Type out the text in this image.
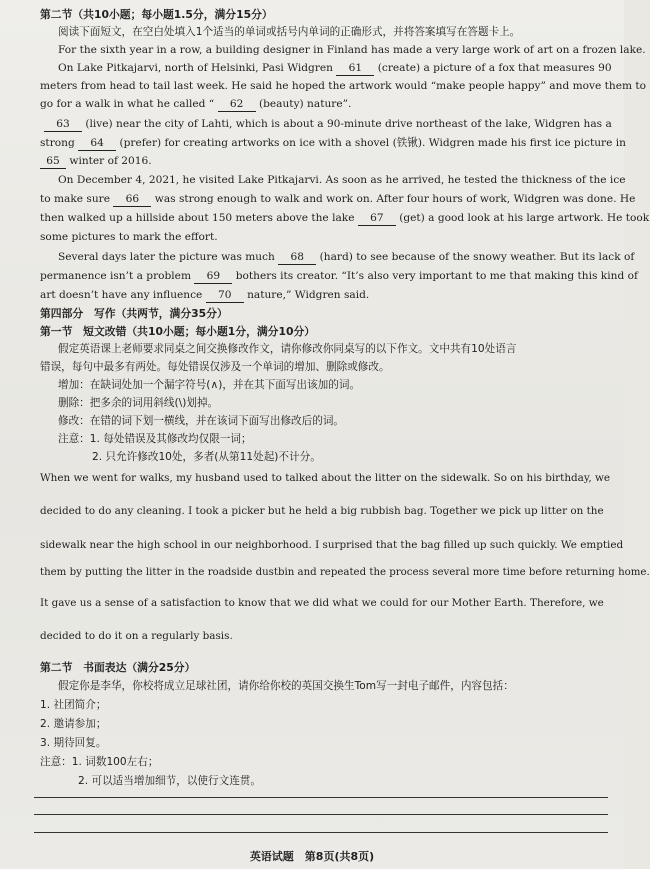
第二节（共10小题；每小题1.5分，满分15分）
阅读下面短文，在空白处填入1个适当的单词或括号内单词的正确形式，并将答案填写在答题卡上。
For the sixth year in a row, a building designer in Finland has made a very large work of art on a frozen lake.
On Lake Pitkajarvi, north of Helsinki, Pasi Widgren 61 (create) a picture of a fox that measures 90
meters from head to tail last week. He said he hoped the artwork would “make people happy” and move them to
go for a walk in what he called “ 62 (beauty) nature”.
63 (live) near the city of Lahti, which is about a 90-minute drive northeast of the lake, Widgren has a
strong 64 (prefer) for creating artworks on ice with a shovel (铁锹). Widgren made his first ice picture in
65 winter of 2016.
On December 4, 2021, he visited Lake Pitkajarvi. As soon as he arrived, he tested the thickness of the ice
to make sure 66 was strong enough to walk and work on. After four hours of work, Widgren was done. He
then walked up a hillside about 150 meters above the lake 67 (get) a good look at his large artwork. He took
some pictures to mark the effort.
Several days later the picture was much 68 (hard) to see because of the snowy weather. But its lack of
permanence isn’t a problem 69 bothers its creator. “It’s also very important to me that making this kind of
art doesn’t have any influence 70 nature,” Widgren said.
第四部分　写作（共两节，满分35分）
第一节　短文改错（共10小题；每小题1分，满分10分）
假定英语课上老师要求同桌之间交换修改作文，请你修改你同桌写的以下作文。文中共有10处语言
错误，每句中最多有两处。每处错误仅涉及一个单词的增加、删除或修改。
增加：在缺词处加一个漏字符号(∧)，并在其下面写出该加的词。
删除：把多余的词用斜线(\)划掉。
修改：在错的词下划一横线，并在该词下面写出修改后的词。
注意：1. 每处错误及其修改均仅限一词；
2. 只允许修改10处，多者(从第11处起)不计分。
When we went for walks, my husband used to talked about the litter on the sidewalk. So on his birthday, we
decided to do any cleaning. I took a picker but he held a big rubbish bag. Together we pick up litter on the
sidewalk near the high school in our neighborhood. I surprised that the bag filled up such quickly. We emptied
them by putting the litter in the roadside dustbin and repeated the process several more time before returning home.
It gave us a sense of a satisfaction to know that we did what we could for our Mother Earth. Therefore, we
decided to do it on a regularly basis.
第二节　书面表达（满分25分）
假定你是李华，你校将成立足球社团，请你给你校的英国交换生Tom写一封电子邮件，内容包括：
1. 社团简介；
2. 邀请参加；
3. 期待回复。
注意：1. 词数100左右；
2. 可以适当增加细节，以使行文连贯。
英语试题　第8页(共8页)
